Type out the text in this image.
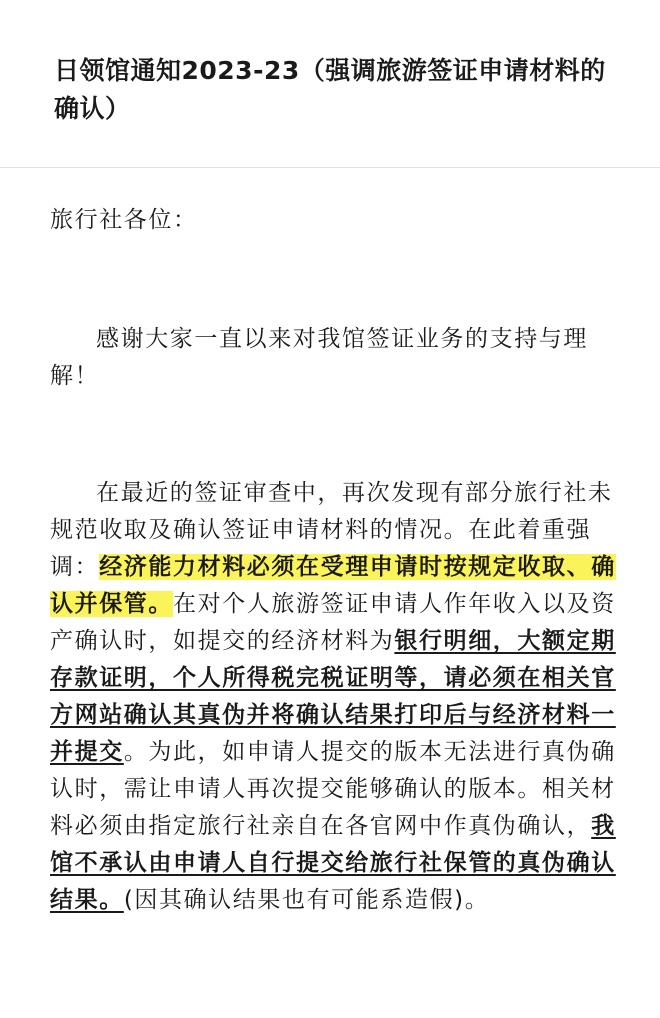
日领馆通知2023-23（强调旅游签证申请材料的确认）

旅行社各位：

感谢大家一直以来对我馆签证业务的支持与理解！

在最近的签证审查中，再次发现有部分旅行社未规范收取及确认签证申请材料的情况。在此着重强调：经济能力材料必须在受理申请时按规定收取、确认并保管。在对个人旅游签证申请人作年收入以及资产确认时，如提交的经济材料为银行明细，大额定期存款证明，个人所得税完税证明等，请必须在相关官方网站确认其真伪并将确认结果打印后与经济材料一并提交。为此，如申请人提交的版本无法进行真伪确认时，需让申请人再次提交能够确认的版本。相关材料必须由指定旅行社亲自在各官网中作真伪确认，我馆不承认由申请人自行提交给旅行社保管的真伪确认结果。(因其确认结果也有可能系造假)。
